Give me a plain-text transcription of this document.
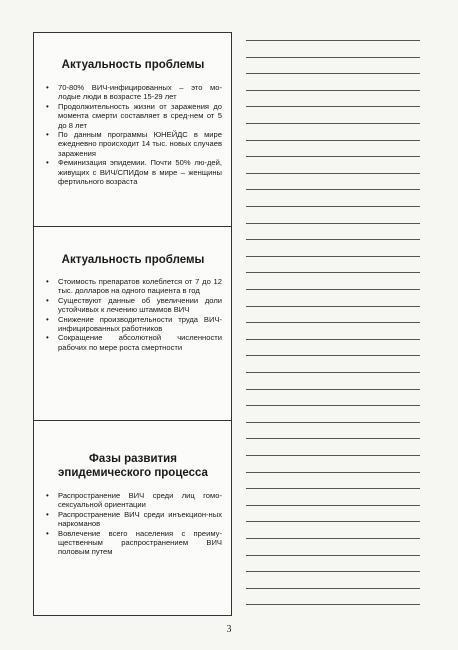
Актуальность проблемы
• 70-80% ВИЧ-инфицированных – это мо-лодые люди в возрасте 15-29 лет
• Продолжительность жизни от заражения до момента смерти составляет в сред-нем от 5 до 8 лет
• По данным программы ЮНЕЙДС в мире ежедневно происходит 14 тыс. новых случаев заражения
• Феминизация эпидемии. Почти 50% лю-дей, живущих с ВИЧ/СПИДом в мире – женщины фертильного возраста
Актуальность проблемы
• Стоимость препаратов колеблется от 7 до 12 тыс. долларов на одного пациента в год
• Существуют данные об увеличении доли устойчивых к лечению штаммов ВИЧ
• Снижение производительности труда ВИЧ-инфицированных работников
• Сокращение абсолютной численности рабочих по мере роста смертности
Фазы развития эпидемического процесса
• Распространение ВИЧ среди лиц гомо-сексуальной ориентации
• Распространение ВИЧ среди инъекцион-ных наркоманов
• Вовлечение всего населения с преиму-щественным распространением ВИЧ половым путем
3
